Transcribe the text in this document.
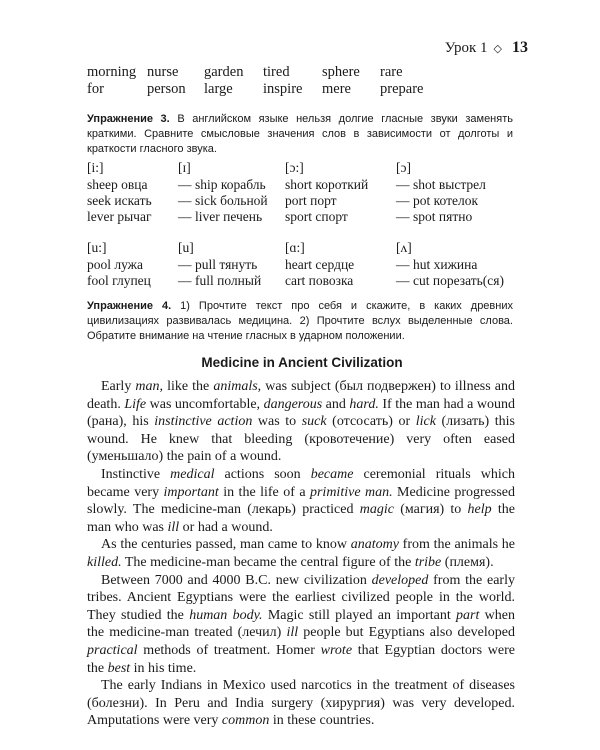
Урок 1 ◇ 13
morning nurse	garden	tired	sphere	rare
for	person	large	inspire	mere	prepare
Упражнение 3. В английском языке нельзя долгие гласные звуки заменять краткими. Сравните смысловые значения слов в зависимости от долготы и краткости гласного звука.
[i:]	[ɪ]	[ɔ:]	[ɔ]
sheep овца	— ship корабль	short короткий	— shot выстрел
seek искать	— sick больной	port порт	— pot котелок
lever рычаг	— liver печень	sport спорт	— spot пятно
[u:]	[u]	[ɑ:]	[ʌ]
pool лужа	— pull тянуть	heart сердце	— hut хижина
fool глупец	— full полный	cart повозка	— cut порезать(ся)
Упражнение 4. 1) Прочтите текст про себя и скажите, в каких древних цивилизациях развивалась медицина. 2) Прочтите вслух выделенные слова. Обратите внимание на чтение гласных в ударном положении.
Medicine in Ancient Civilization

Early man, like the animals, was subject (был подвержен) to illness and death. Life was uncomfortable, dangerous and hard. If the man had a wound (рана), his instinctive action was to suck (отсосать) or lick (лизать) this wound. He knew that bleeding (кровотечение) very often eased (уменьшало) the pain of a wound.

Instinctive medical actions soon became ceremonial rituals which became very important in the life of a primitive man. Medicine progressed slowly. The medicine-man (лекарь) practiced magic (магия) to help the man who was ill or had a wound.

As the centuries passed, man came to know anatomy from the animals he killed. The medicine-man became the central figure of the tribe (племя).

Between 7000 and 4000 B.C. new civilization developed from the early tribes. Ancient Egyptians were the earliest civilized people in the world. They studied the human body. Magic still played an important part when the medicine-man treated (лечил) ill people but Egyptians also developed practical methods of treatment. Homer wrote that Egyptian doctors were the best in his time.

The early Indians in Mexico used narcotics in the treatment of diseases (болезни). In Peru and India surgery (хирургия) was very developed. Amputations were very common in these countries.
